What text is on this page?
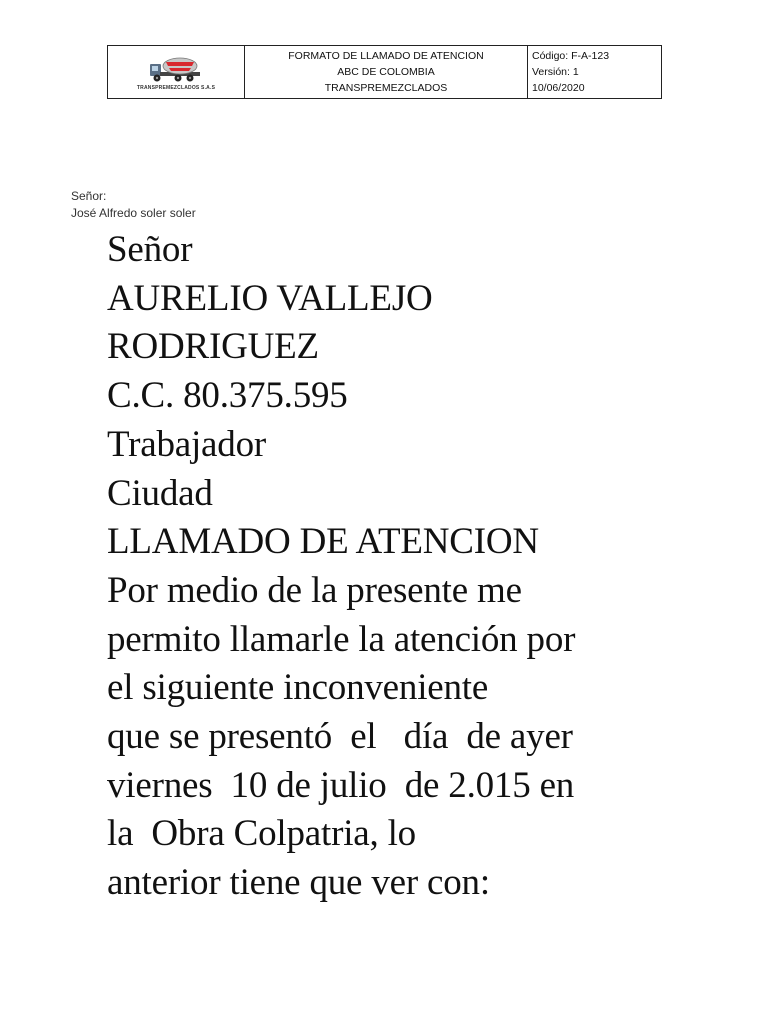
TRANSPREMEZCLADOS S.A.S

FORMATO DE LLAMADO DE ATENCION
ABC DE COLOMBIA
TRANSPREMEZCLADOS

Código: F-A-123
Versión: 1
10/06/2020
Señor:
José Alfredo soler soler
Señor
AURELIO VALLEJO
RODRIGUEZ
C.C. 80.375.595
Trabajador
Ciudad
LLAMADO DE ATENCION
Por medio de la presente me
permito llamarle la atención por
el siguiente inconveniente
que se presentó  el   día  de ayer
viernes  10 de julio  de 2.015 en
la  Obra Colpatria, lo
anterior tiene que ver con:
